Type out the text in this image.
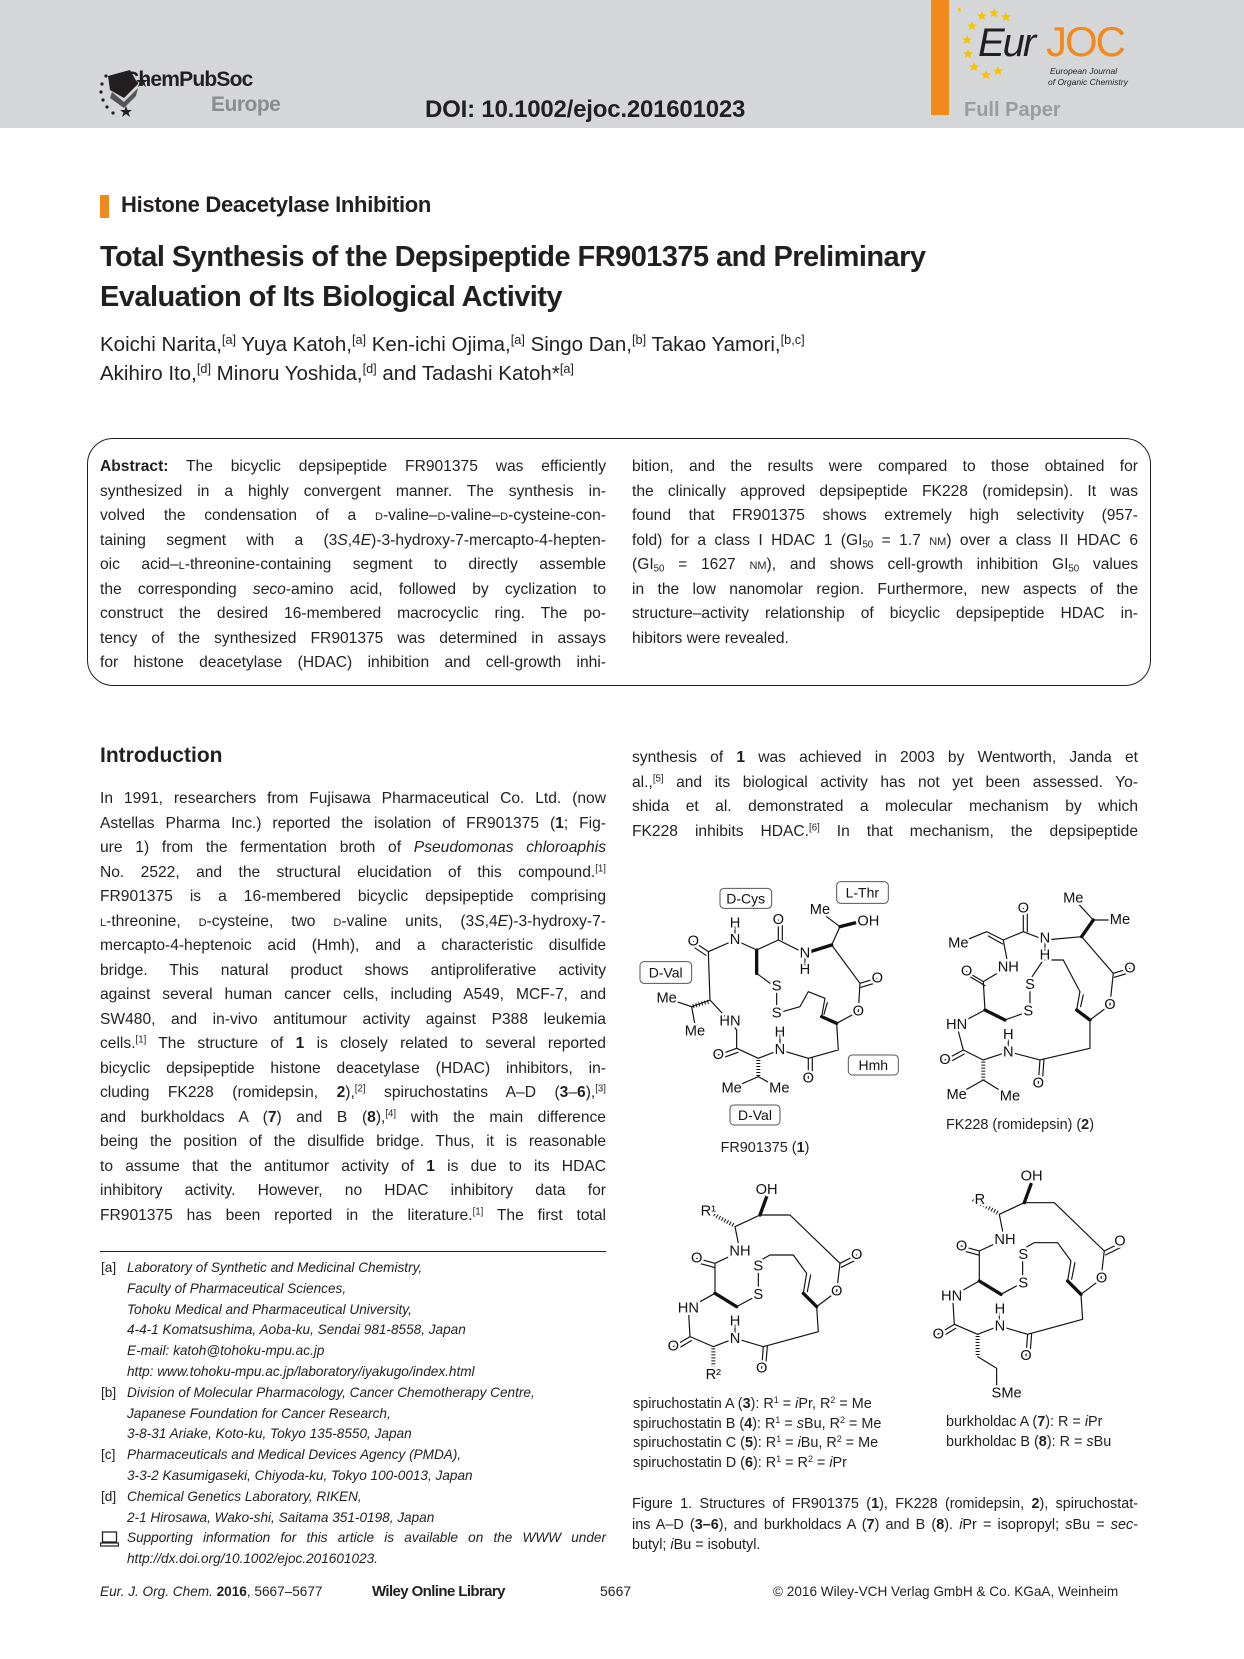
ChemPubSoc
Europe	DOI: 10.1002/ejoc.201601023
Eur JOC
European Journal
of Organic Chemistry
Full Paper
Histone Deacetylase Inhibition
Total Synthesis of the Depsipeptide FR901375 and Preliminary
Evaluation of Its Biological Activity
Koichi Narita,[a] Yuya Katoh,[a] Ken-ichi Ojima,[a] Singo Dan,[b] Takao Yamori,[b,c]
Akihiro Ito,[d] Minoru Yoshida,[d] and Tadashi Katoh*[a]
Abstract: The bicyclic depsipeptide FR901375 was efficiently
synthesized in a highly convergent manner. The synthesis in-
volved the condensation of a d-valine–d-valine–d-cysteine-con-
taining segment with a (3S,4E)-3-hydroxy-7-mercapto-4-hepten-
oic acid–l-threonine-containing segment to directly assemble
the corresponding seco-amino acid, followed by cyclization to
construct the desired 16-membered macrocyclic ring. The po-
tency of the synthesized FR901375 was determined in assays
for histone deacetylase (HDAC) inhibition and cell-growth inhi-
bition, and the results were compared to those obtained for
the clinically approved depsipeptide FK228 (romidepsin). It was
found that FR901375 shows extremely high selectivity (957-
fold) for a class I HDAC 1 (GI50 = 1.7 nm) over a class II HDAC 6
(GI50 = 1627 nm), and shows cell-growth inhibition GI50 values
in the low nanomolar region. Furthermore, new aspects of the
structure–activity relationship of bicyclic depsipeptide HDAC in-
hibitors were revealed.
Introduction
In 1991, researchers from Fujisawa Pharmaceutical Co. Ltd. (now
Astellas Pharma Inc.) reported the isolation of FR901375 (1; Fig-
ure 1) from the fermentation broth of Pseudomonas chloroaphis
No. 2522, and the structural elucidation of this compound.[1]
FR901375 is a 16-membered bicyclic depsipeptide comprising
l-threonine, d-cysteine, two d-valine units, (3S,4E)-3-hydroxy-7-
mercapto-4-heptenoic acid (Hmh), and a characteristic disulfide
bridge. This natural product shows antiproliferative activity
against several human cancer cells, including A549, MCF-7, and
SW480, and in-vivo antitumour activity against P388 leukemia
cells.[1] The structure of 1 is closely related to several reported
bicyclic depsipeptide histone deacetylase (HDAC) inhibitors, in-
cluding FK228 (romidepsin, 2),[2] spiruchostatins A–D (3–6),[3]
and burkholdacs A (7) and B (8),[4] with the main difference
being the position of the disulfide bridge. Thus, it is reasonable
to assume that the antitumor activity of 1 is due to its HDAC
inhibitory activity. However, no HDAC inhibitory data for
FR901375 has been reported in the literature.[1] The first total
synthesis of 1 was achieved in 2003 by Wentworth, Janda et
al.,[5] and its biological activity has not yet been assessed. Yo-
shida et al. demonstrated a molecular mechanism by which
FK228 inhibits HDAC.[6] In that mechanism, the depsipeptide
[a] Laboratory of Synthetic and Medicinal Chemistry,
Faculty of Pharmaceutical Sciences,
Tohoku Medical and Pharmaceutical University,
4-4-1 Komatsushima, Aoba-ku, Sendai 981-8558, Japan
E-mail: katoh@tohoku-mpu.ac.jp
http: www.tohoku-mpu.ac.jp/laboratory/iyakugo/index.html
[b] Division of Molecular Pharmacology, Cancer Chemotherapy Centre,
Japanese Foundation for Cancer Research,
3-8-31 Ariake, Koto-ku, Tokyo 135-8550, Japan
[c] Pharmaceuticals and Medical Devices Agency (PMDA),
3-3-2 Kasumigaseki, Chiyoda-ku, Tokyo 100-0013, Japan
[d] Chemical Genetics Laboratory, RIKEN,
2-1 Hirosawa, Wako-shi, Saitama 351-0198, Japan
Supporting information for this article is available on the WWW under
http://dx.doi.org/10.1002/ejoc.201601023.
Me
OH
O
H
N
O
N
H
O
S
Me
S O
HN
Me H
N
O
O
Me Me
D-Cys L-Thr
D-Val
Hmh
D-Val
Me
Me
O
Me N
H
NH
O	O
S
O
S
HN
H
N
O
O
Me Me
OH
R¹
NH
O	O
S
S O
HN
H
N
O
O
R²
OH
R
NH
O	O
S
S O
HN
H
N
O
O
SMe
FR901375 (1)
FK228 (romidepsin) (2)
spiruchostatin A (3): $R^1$ = iPr, $R^2 = Me$
spiruchostatin B (4): $R^1$ = sBu, $R^2 = Me$
spiruchostatin C (5): $R^1$ = iBu, $R^2 = Me$
spiruchostatin D (6): $R^1 = R^2$ = iPr
burkholdac A (7): R = iPr
burkholdac B (8): R = sBu
Figure 1. Structures of FR901375 (1), FK228 (romidepsin, 2), spiruchostat-
ins A–D (3–6), and burkholdacs A (7) and B (8). iPr = isopropyl; sBu = sec-
butyl; iBu = isobutyl.
Eur. J. Org. Chem. 2016, 5667–5677	Wiley Online Library	5667	© 2016 Wiley-VCH Verlag GmbH & Co. KGaA, Weinheim
